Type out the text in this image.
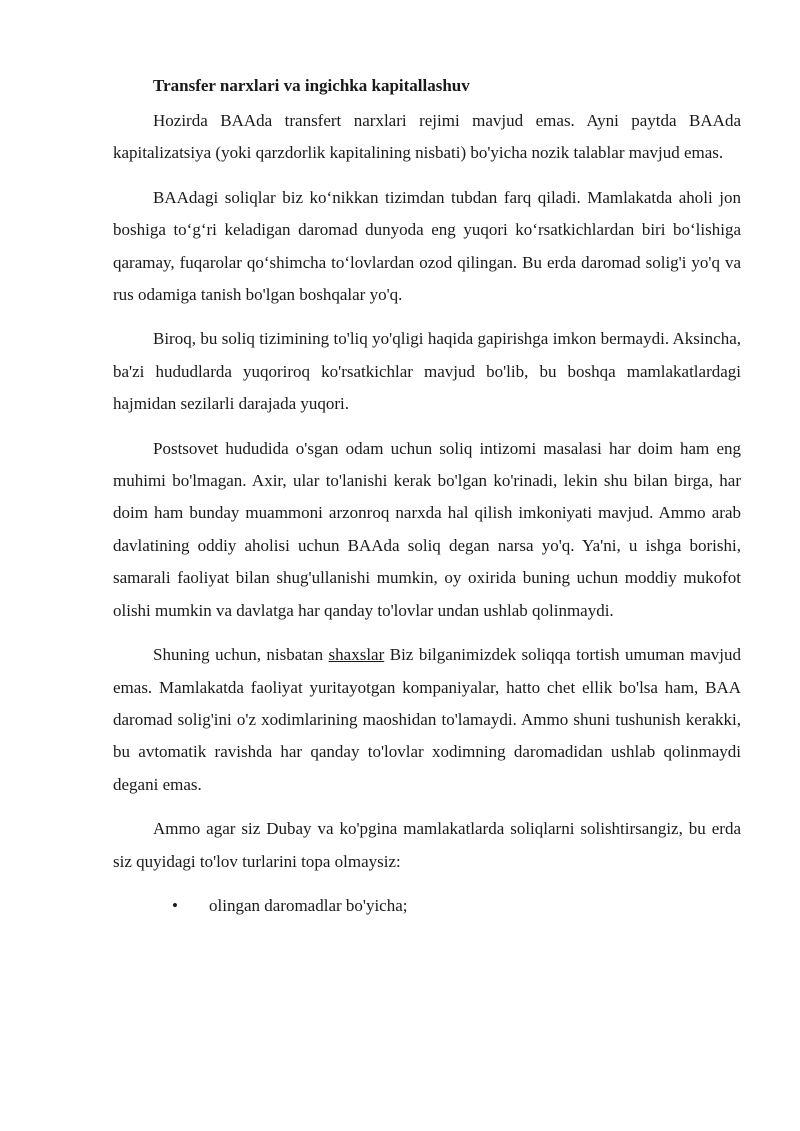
Transfer narxlari va ingichka kapitallashuv

Hozirda BAAda transfert narxlari rejimi mavjud emas. Ayni paytda BAAda kapitalizatsiya (yoki qarzdorlik kapitalining nisbati) bo'yicha nozik talablar mavjud emas.

BAAdagi soliqlar biz ko‘nikkan tizimdan tubdan farq qiladi. Mamlakatda aholi jon boshiga to‘g‘ri keladigan daromad dunyoda eng yuqori ko‘rsatkichlardan biri bo‘lishiga qaramay, fuqarolar qo‘shimcha to‘lovlardan ozod qilingan. Bu erda daromad solig'i yo'q va rus odamiga tanish bo'lgan boshqalar yo'q.

Biroq, bu soliq tizimining to'liq yo'qligi haqida gapirishga imkon bermaydi. Aksincha, ba'zi hududlarda yuqoriroq ko'rsatkichlar mavjud bo'lib, bu boshqa mamlakatlardagi hajmidan sezilarli darajada yuqori.

Postsovet hududida o'sgan odam uchun soliq intizomi masalasi har doim ham eng muhimi bo'lmagan. Axir, ular to'lanishi kerak bo'lgan ko'rinadi, lekin shu bilan birga, har doim ham bunday muammoni arzonroq narxda hal qilish imkoniyati mavjud. Ammo arab davlatining oddiy aholisi uchun BAAda soliq degan narsa yo'q. Ya'ni, u ishga borishi, samarali faoliyat bilan shug'ullanishi mumkin, oy oxirida buning uchun moddiy mukofot olishi mumkin va davlatga har qanday to'lovlar undan ushlab qolinmaydi.

Shuning uchun, nisbatan shaxslar Biz bilganimizdek soliqqa tortish umuman mavjud emas. Mamlakatda faoliyat yuritayotgan kompaniyalar, hatto chet ellik bo'lsa ham, BAA daromad solig'ini o'z xodimlarining maoshidan to'lamaydi. Ammo shuni tushunish kerakki, bu avtomatik ravishda har qanday to'lovlar xodimning daromadidan ushlab qolinmaydi degani emas.

Ammo agar siz Dubay va ko'pgina mamlakatlarda soliqlarni solishtirsangiz, bu erda siz quyidagi to'lov turlarini topa olmaysiz:

• olingan daromadlar bo'yicha;
